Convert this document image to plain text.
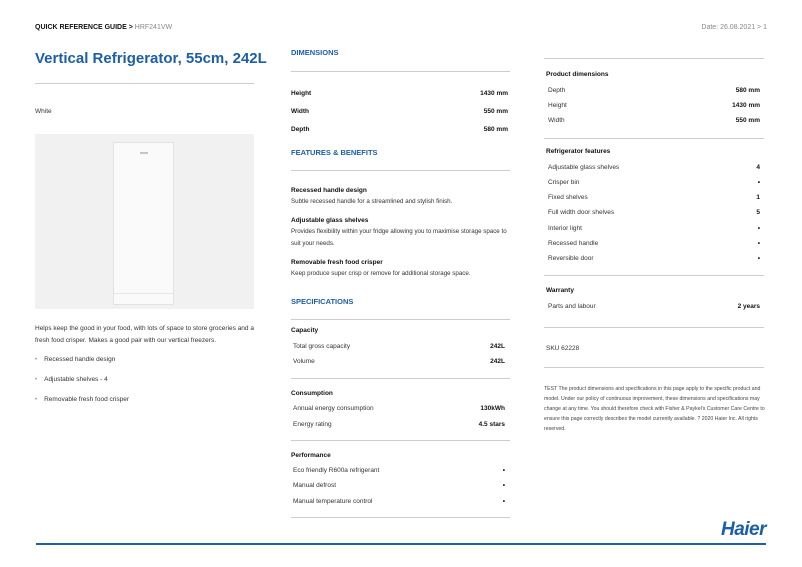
QUICK REFERENCE GUIDE > HRF241VW	Date: 26.08.2021 > 1
Vertical Refrigerator, 55cm, 242L
White
Helps keep the good in your food, with lots of space to store groceries and a fresh food crisper. Makes a good pair with our vertical freezers.
• Recessed handle design
• Adjustable shelves - 4
• Removable fresh food crisper
DIMENSIONS
Height	1430 mm
Width	550 mm
Depth	580 mm
FEATURES & BENEFITS
Recessed handle design
Subtle recessed handle for a streamlined and stylish finish.
Adjustable glass shelves
Provides flexibility within your fridge allowing you to maximise storage space to suit your needs.
Removable fresh food crisper
Keep produce super crisp or remove for additional storage space.
SPECIFICATIONS
Capacity
Total gross capacity	242L
Volume	242L
Consumption
Annual energy consumption	130kWh
Energy rating	4.5 stars
Performance
Eco friendly R600a refrigerant	•
Manual defrost	•
Manual temperature control	•
Product dimensions
Depth	580 mm
Height	1430 mm
Width	550 mm
Refrigerator features
Adjustable glass shelves	4
Crisper bin	•
Fixed shelves	1
Full width door shelves	5
Interior light	•
Recessed handle	•
Reversible door	•
Warranty
Parts and labour	2 years
SKU 62228
TEST The product dimensions and specifications in this page apply to the specific product and model. Under our policy of continuous improvement, these dimensions and specifications may change at any time. You should therefore check with Fisher & Paykel's Customer Care Centre to ensure this page correctly describes the model currently available. ? 2020 Haier Inc. All rights reserved.
Haier
